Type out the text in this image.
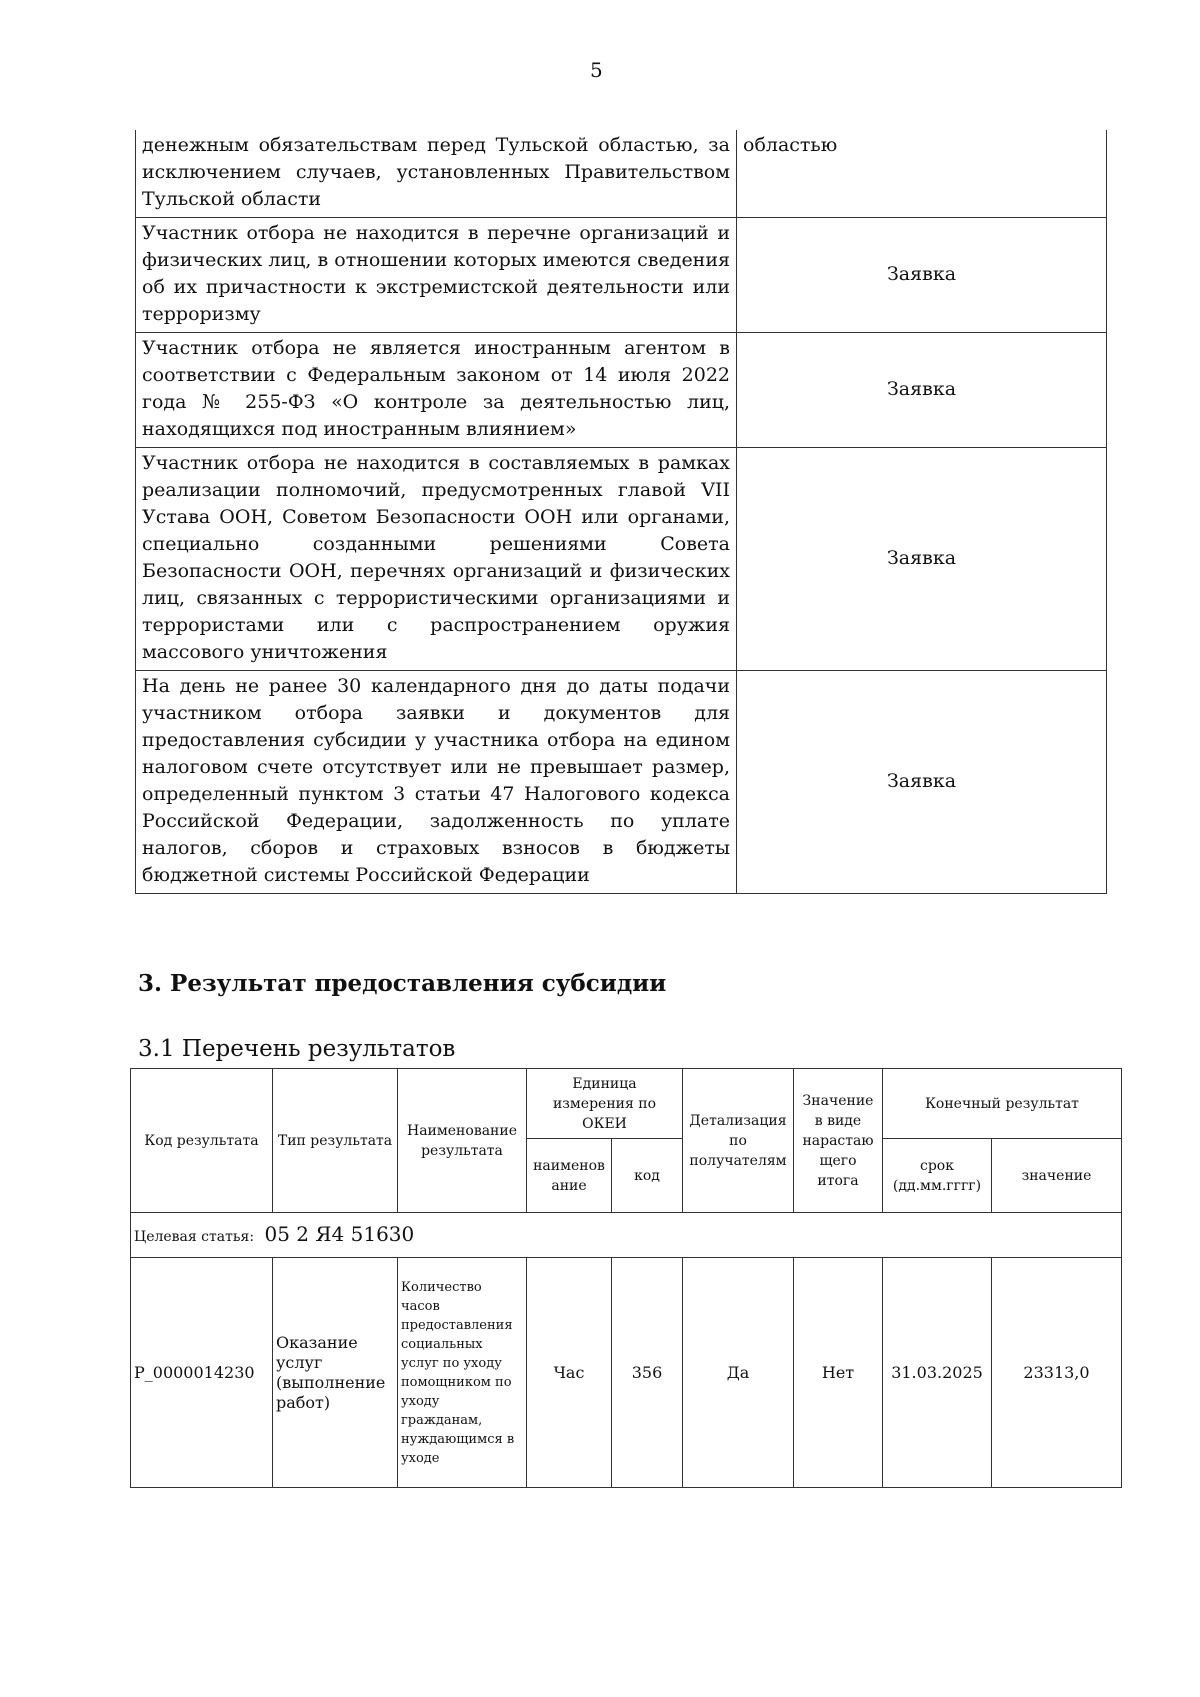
5
денежным обязательствам перед Тульской областью, за исключением случаев, установленных Правительством Тульской области	областью
Участник отбора не находится в перечне организаций и физических лиц, в отношении которых имеются сведения об их причастности к экстремистской деятельности или терроризму	Заявка
Участник отбора не является иностранным агентом в соответствии с Федеральным законом от 14 июля 2022 года № 255-ФЗ «О контроле за деятельностью лиц, находящихся под иностранным влиянием»	Заявка
Участник отбора не находится в составляемых в рамках реализации полномочий, предусмотренных главой VII Устава ООН, Советом Безопасности ООН или органами, специально созданными решениями Совета Безопасности ООН, перечнях организаций и физических лиц, связанных с террористическими организациями и террористами или с распространением оружия массового уничтожения	Заявка
На день не ранее 30 календарного дня до даты подачи участником отбора заявки и документов для предоставления субсидии у участника отбора на едином налоговом счете отсутствует или не превышает размер, определенный пунктом 3 статьи 47 Налогового кодекса Российской Федерации, задолженность по уплате налогов, сборов и страховых взносов в бюджеты бюджетной системы Российской Федерации	Заявка
3. Результат предоставления субсидии
3.1 Перечень результатов
Код результата	Тип результата	Наименование результата	Единица измерения по ОКЕИ		Детализация по получателям	Значение в виде нарастаю щего итога	Конечный результат	
			наименов ание	код			срок (дд.мм.гггг)	значение
Целевая статья: 05 2 Я4 51630								
P_0000014230	Оказание услуг (выполнение работ)	Количество часов предоставления социальных услуг по уходу помощником по уходу гражданам, нуждающимся в уходе	Час	356	Да	Нет	31.03.2025	23313,0
